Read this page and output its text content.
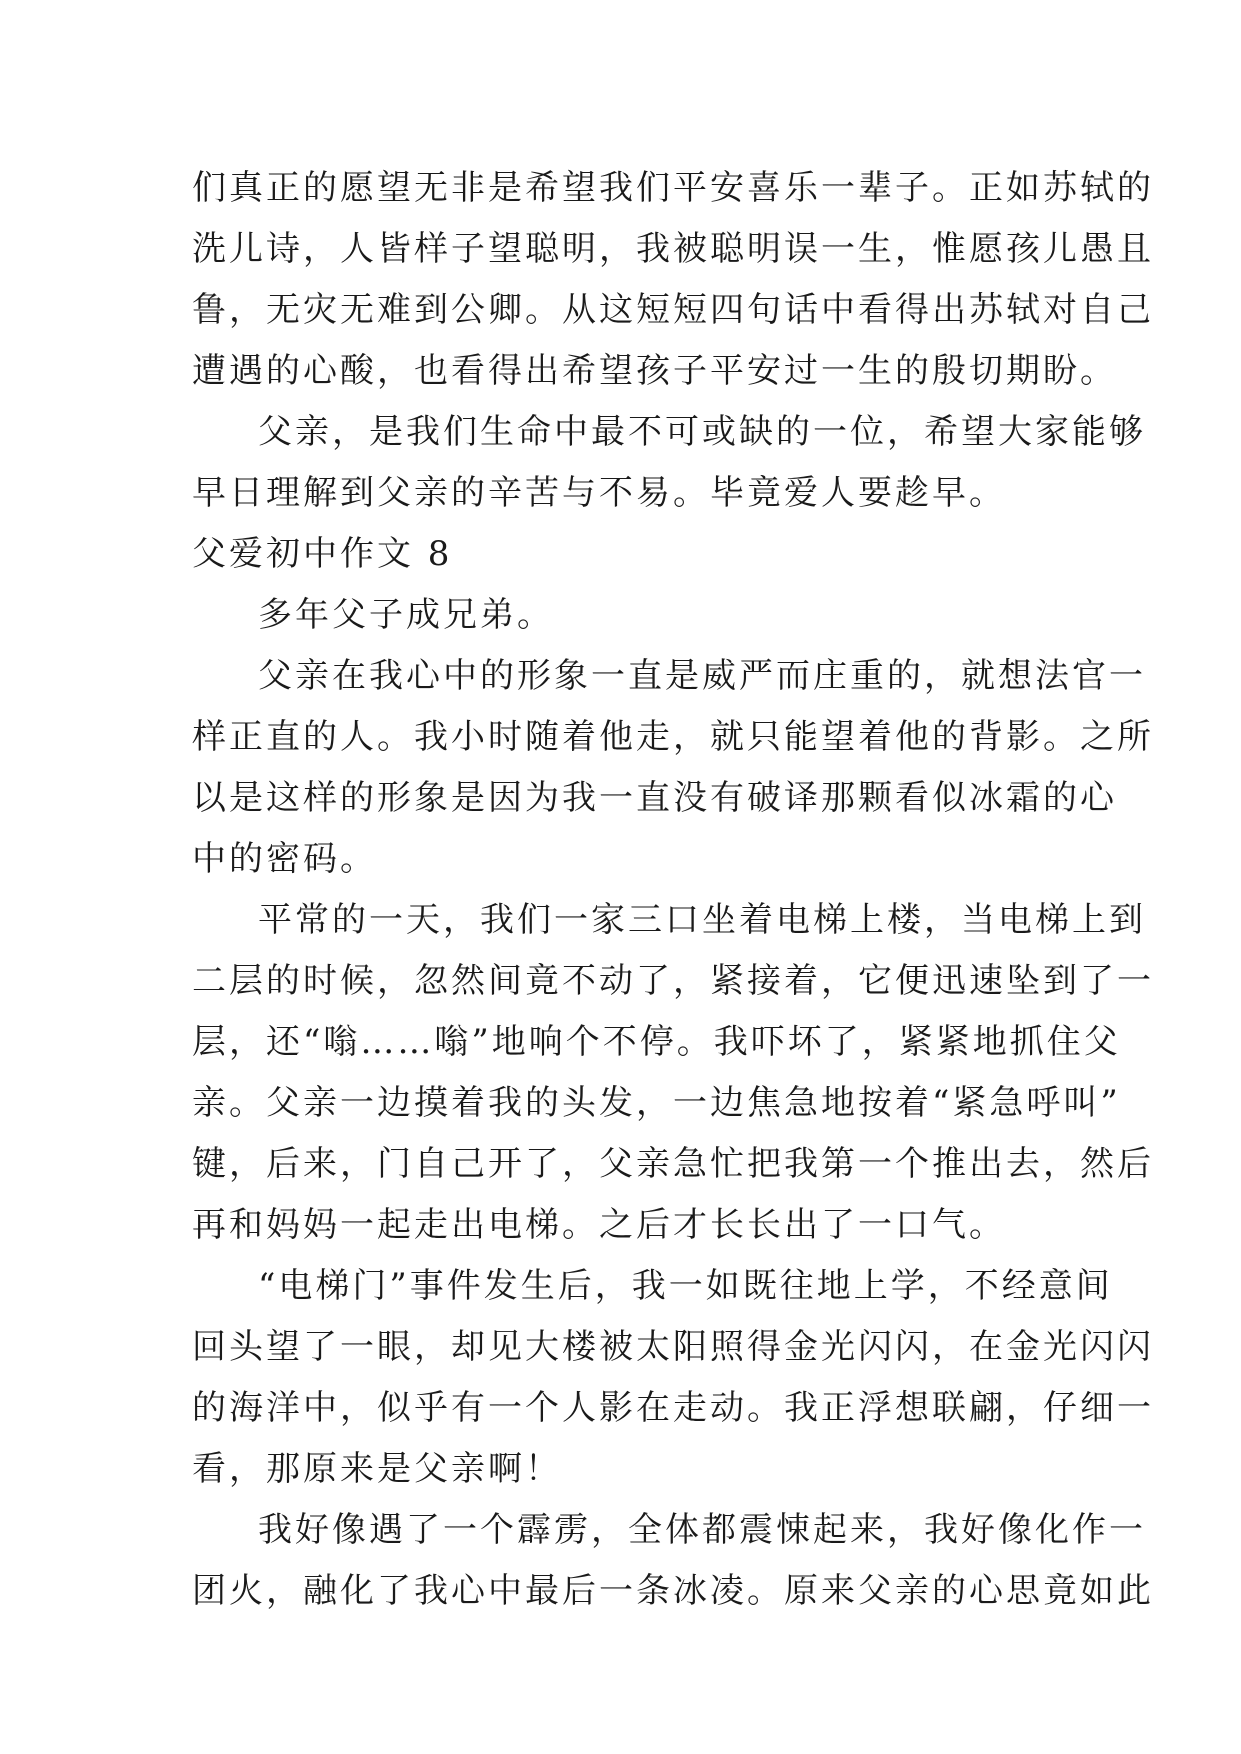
们真正的愿望无非是希望我们平安喜乐一辈子。正如苏轼的
洗儿诗，人皆样子望聪明，我被聪明误一生，惟愿孩儿愚且
鲁，无灾无难到公卿。从这短短四句话中看得出苏轼对自己
遭遇的心酸，也看得出希望孩子平安过一生的殷切期盼。
父亲，是我们生命中最不可或缺的一位，希望大家能够
早日理解到父亲的辛苦与不易。毕竟爱人要趁早。
父爱初中作文 8
多年父子成兄弟。
父亲在我心中的形象一直是威严而庄重的，就想法官一
样正直的人。我小时随着他走，就只能望着他的背影。之所
以是这样的形象是因为我一直没有破译那颗看似冰霜的心
中的密码。
平常的一天，我们一家三口坐着电梯上楼，当电梯上到
二层的时候，忽然间竟不动了，紧接着，它便迅速坠到了一
层，还“嗡……嗡”地响个不停。我吓坏了，紧紧地抓住父
亲。父亲一边摸着我的头发，一边焦急地按着“紧急呼叫”
键，后来，门自己开了，父亲急忙把我第一个推出去，然后
再和妈妈一起走出电梯。之后才长长出了一口气。
“电梯门”事件发生后，我一如既往地上学，不经意间
回头望了一眼，却见大楼被太阳照得金光闪闪，在金光闪闪
的海洋中，似乎有一个人影在走动。我正浮想联翩，仔细一
看，那原来是父亲啊！
我好像遇了一个霹雳，全体都震悚起来，我好像化作一
团火，融化了我心中最后一条冰凌。原来父亲的心思竟如此
